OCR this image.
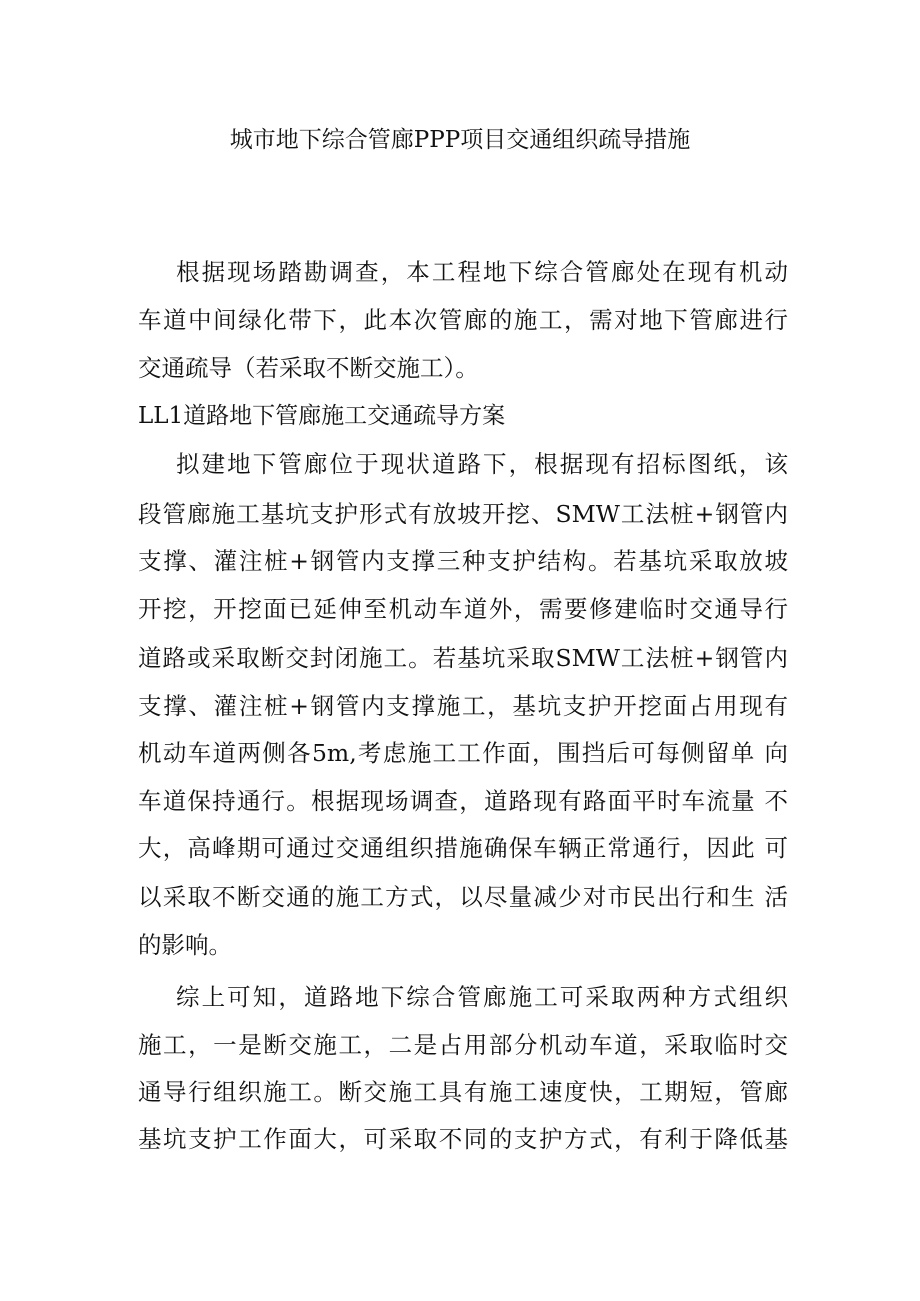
城市地下综合管廊PPP项目交通组织疏导措施
根据现场踏勘调查，本工程地下综合管廊处在现有机动
车道中间绿化带下，此本次管廊的施工，需对地下管廊进行
交通疏导（若采取不断交施工）。
LL1道路地下管廊施工交通疏导方案
拟建地下管廊位于现状道路下，根据现有招标图纸，该
段管廊施工基坑支护形式有放坡开挖、SMW工法桩+钢管内
支撑、灌注桩+钢管内支撑三种支护结构。若基坑采取放坡
开挖，开挖面已延伸至机动车道外，需要修建临时交通导行
道路或采取断交封闭施工。若基坑采取SMW工法桩+钢管内
支撑、灌注桩+钢管内支撑施工，基坑支护开挖面占用现有
机动车道两侧各5m,考虑施工工作面，围挡后可每侧留单 向
车道保持通行。根据现场调查，道路现有路面平时车流量 不
大，高峰期可通过交通组织措施确保车辆正常通行，因此 可
以采取不断交通的施工方式，以尽量减少对市民出行和生 活
的影响。
综上可知，道路地下综合管廊施工可采取两种方式组织
施工，一是断交施工，二是占用部分机动车道，采取临时交
通导行组织施工。断交施工具有施工速度快，工期短，管廊
基坑支护工作面大，可采取不同的支护方式，有利于降低基
